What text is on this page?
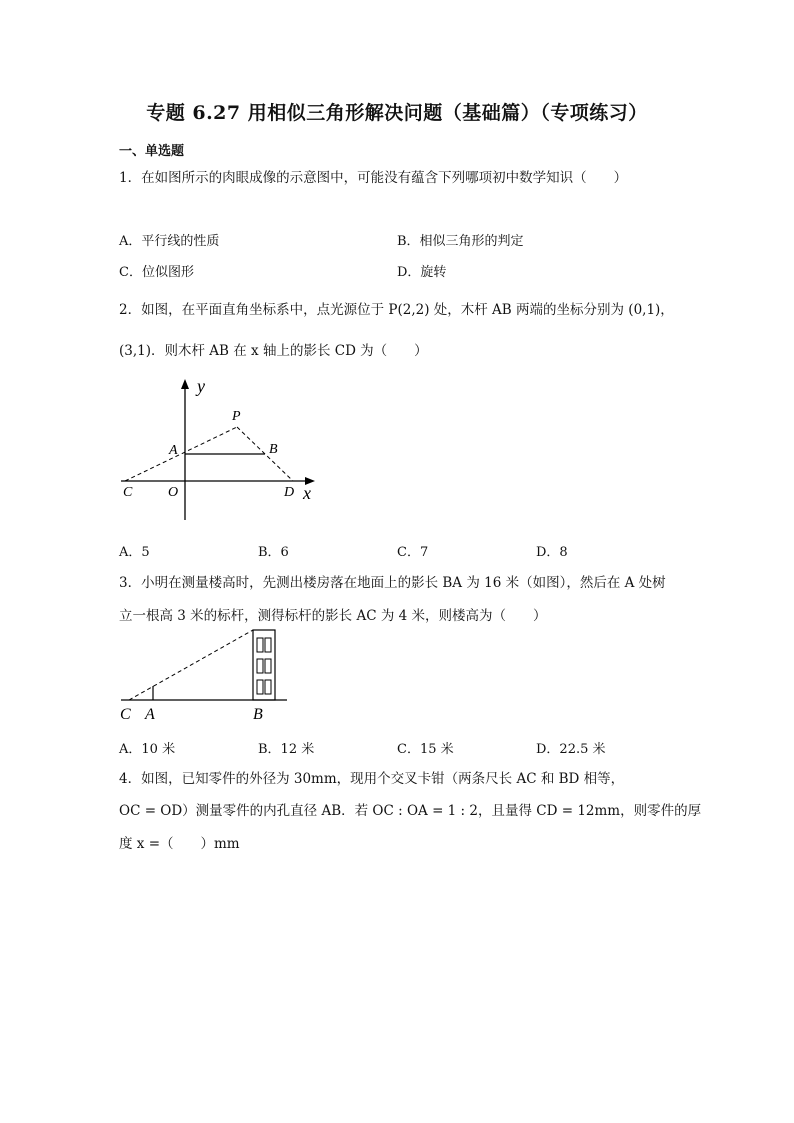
专题 6.27 用相似三角形解决问题（基础篇）（专项练习）
一、单选题
1．在如图所示的肉眼成像的示意图中，可能没有蕴含下列哪项初中数学知识（　　）
A．平行线的性质	B．相似三角形的判定
C．位似图形	D．旋转
2．如图，在平面直角坐标系中，点光源位于 P(2,2) 处，木杆 AB 两端的坐标分别为 (0,1)，
(3,1)．则木杆 AB 在 x 轴上的影长 CD 为（　　）
y
x
P
A	B
C	O	D
A．5	B．6	C．7	D．8
3．小明在测量楼高时，先测出楼房落在地面上的影长 BA 为 16 米（如图），然后在 A 处树
立一根高 3 米的标杆，测得标杆的影长 AC 为 4 米，则楼高为（　　）
C A	B
A．10 米	B．12 米	C．15 米	D．22.5 米
4．如图，已知零件的外径为 30mm，现用个交叉卡钳（两条尺长 AC 和 BD 相等，
OC = OD）测量零件的内孔直径 AB．若 OC : OA = 1 : 2，且量得 CD = 12mm，则零件的厚
度 x =（　　）mm
